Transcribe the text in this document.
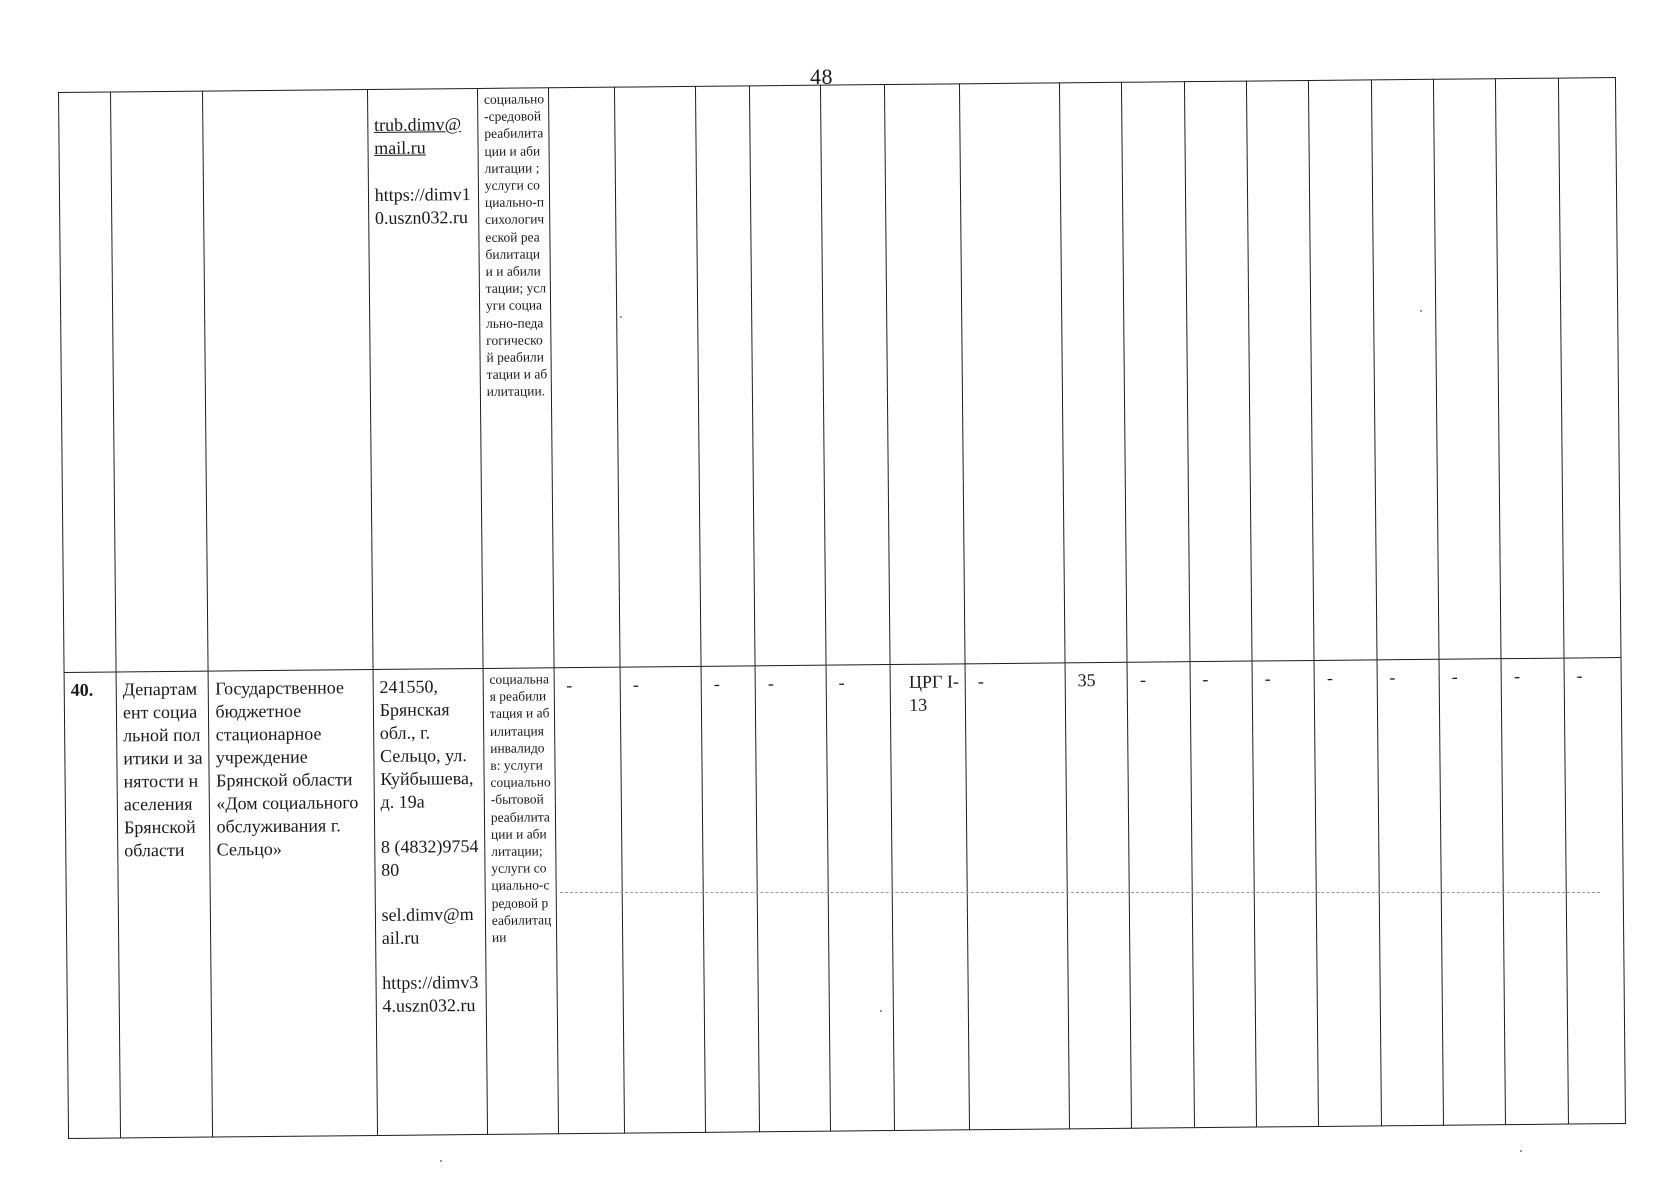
48

			trub.dimv@mail.ru
https://dimv10.uszn032.ru	социально-средовой реабилитации и абилитации ; услуги социально-психологической реабилитации и абилитации; услуги социально-педагогической реабилитации и абилитации.																
40.	Департамент социальной политики и занятости населения Брянской области	Государственное бюджетное стационарное учреждение Брянской области «Дом социального обслуживания г. Сельцо»	241550, Брянская обл., г. Сельцо, ул. Куйбышева, д. 19а
8 (4832)975480
sel.dimv@mail.ru
https://dimv34.uszn032.ru	социальная реабилитация и абилитация инвалидов: услуги социально-бытовой реабилитации и абилитации; услуги социально-средовой реабилитации	-	-	-	-	-	ЦРГ I-13	-	35	-	-	-	-	-	-	-	-
